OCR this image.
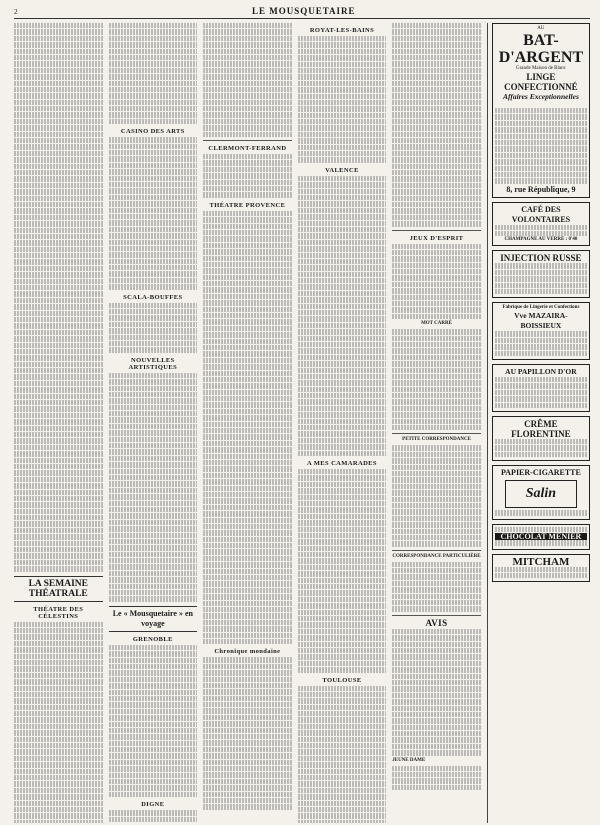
2	LE MOUSQUETAIRE
LA SEMAINE THÉATRALE
THÉATRE DES CÉLESTINS
CASINO DES ARTS
SCALA-BOUFFES
NOUVELLES ARTISTIQUES
Le « Mousquetaire » en voyage
GRENOBLE
DIGNE
CLERMONT-FERRAND
THÉATRE PROVENCE
Chronique mondaine
ROYAT-LES-BAINS
VALENCE
A MES CAMARADES
TOULOUSE
JEUX D'ESPRIT
MOT CARRÉ
PETITE CORRESPONDANCE
CORRESPONDANCE PARTICULIÈRE
AVIS
JEUNE DAME
AU
BAT-D'ARGENT
Grande Maison de Blanc
LINGE CONFECTIONNÉ
Affaires Exceptionnelles

8, rue République, 9
CAFÉ DES VOLONTAIRES
CHAMPAGNE AU VERRE : 0'40
INJECTION RUSSE
Fabrique de Lingerie et Confections
Vve MAZAIRA-BOISSIEUX
AU PAPILLON D'OR
CRÊME FLORENTINE
PAPIER-CIGARETTE
Salin
CHOCOLAT MENIER
MITCHAM
